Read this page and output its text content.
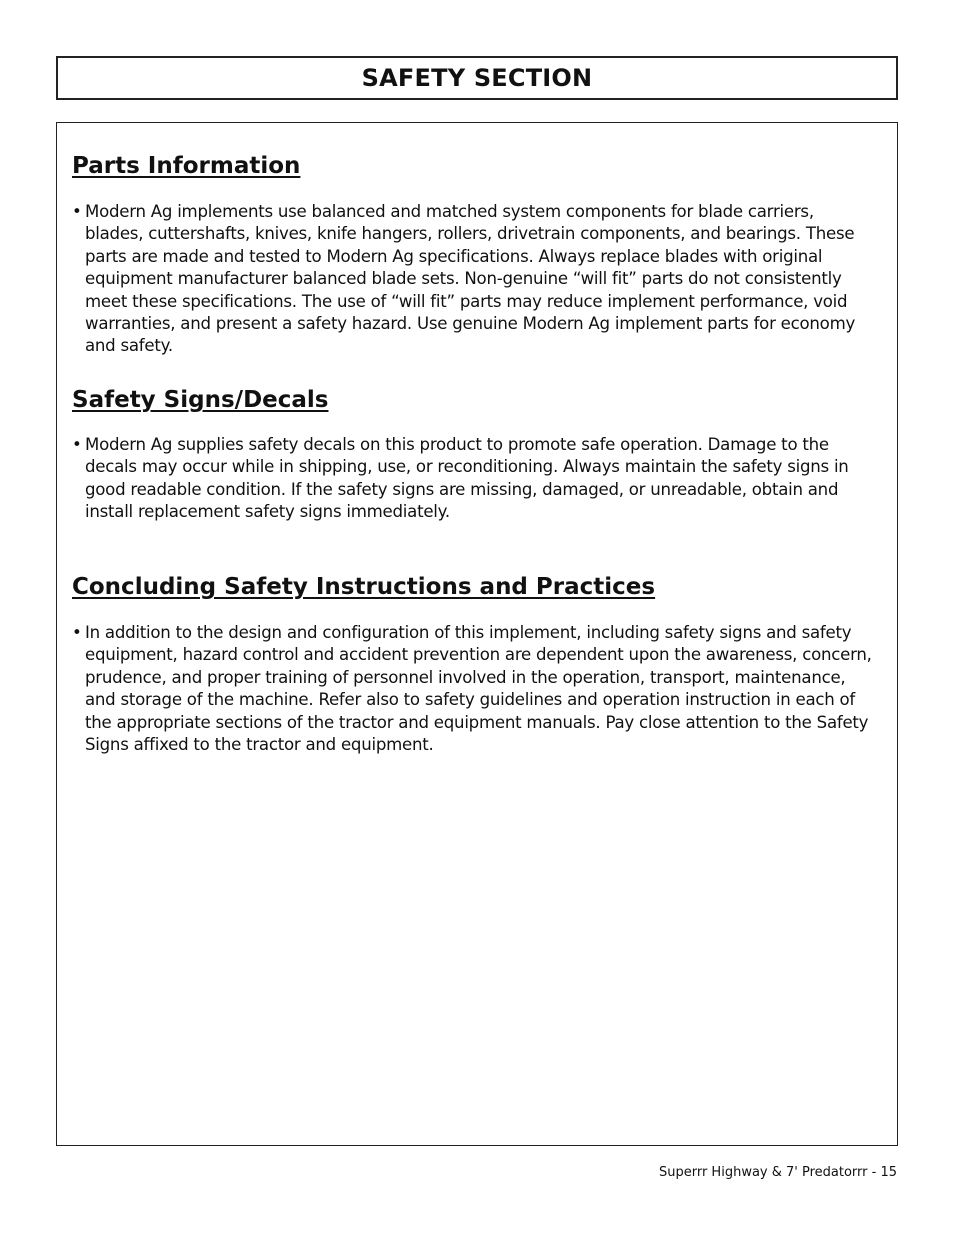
SAFETY SECTION
Parts Information
• Modern Ag implements use balanced and matched system components for blade carriers,
blades, cuttershafts, knives, knife hangers, rollers, drivetrain components, and bearings. These
parts are made and tested to Modern Ag specifications. Always replace blades with original
equipment manufacturer balanced blade sets. Non-genuine “will fit” parts do not consistently
meet these specifications. The use of “will fit” parts may reduce implement performance, void
warranties, and present a safety hazard. Use genuine Modern Ag implement parts for economy
and safety.
Safety Signs/Decals
• Modern Ag supplies safety decals on this product to promote safe operation. Damage to the
decals may occur while in shipping, use, or reconditioning. Always maintain the safety signs in
good readable condition. If the safety signs are missing, damaged, or unreadable, obtain and
install replacement safety signs immediately.
Concluding Safety Instructions and Practices
• In addition to the design and configuration of this implement, including safety signs and safety
equipment, hazard control and accident prevention are dependent upon the awareness, concern,
prudence, and proper training of personnel involved in the operation, transport, maintenance,
and storage of the machine. Refer also to safety guidelines and operation instruction in each of
the appropriate sections of the tractor and equipment manuals. Pay close attention to the Safety
Signs affixed to the tractor and equipment.
Superrr Highway & 7' Predatorrr - 15
